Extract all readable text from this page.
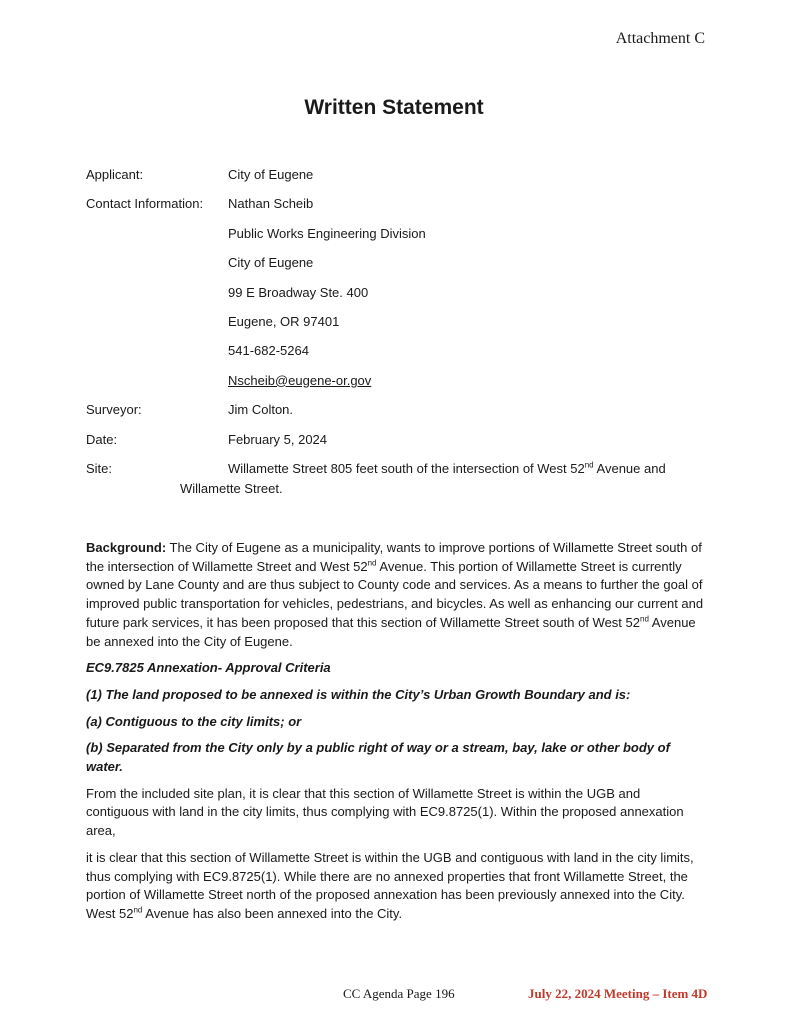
Attachment C
Written Statement
Applicant:	City of Eugene
Contact Information: Nathan Scheib
Public Works Engineering Division
City of Eugene
99 E Broadway Ste. 400
Eugene, OR 97401
541-682-5264
Nscheib@eugene-or.gov
Surveyor:	Jim Colton.
Date:	February 5, 2024
Site:	Willamette Street 805 feet south of the intersection of West 52nd Avenue and
Willamette Street.

Background: The City of Eugene as a municipality, wants to improve portions of Willamette Street south of the intersection of Willamette Street and West 52nd Avenue. This portion of Willamette Street is currently owned by Lane County and are thus subject to County code and services. As a means to further the goal of improved public transportation for vehicles, pedestrians, and bicycles. As well as enhancing our current and future park services, it has been proposed that this section of Willamette Street south of West 52nd Avenue be annexed into the City of Eugene.

EC9.7825 Annexation- Approval Criteria

(1) The land proposed to be annexed is within the City’s Urban Growth Boundary and is:

(a) Contiguous to the city limits; or

(b) Separated from the City only by a public right of way or a stream, bay, lake or other body of water.

From the included site plan, it is clear that this section of Willamette Street is within the UGB and contiguous with land in the city limits, thus complying with EC9.8725(1). Within the proposed annexation area,

it is clear that this section of Willamette Street is within the UGB and contiguous with land in the city limits, thus complying with EC9.8725(1). While there are no annexed properties that front Willamette Street, the portion of Willamette Street north of the proposed annexation has been previously annexed into the City. West 52nd Avenue has also been annexed into the City.

CC Agenda Page 196	July 22, 2024 Meeting – Item 4D
